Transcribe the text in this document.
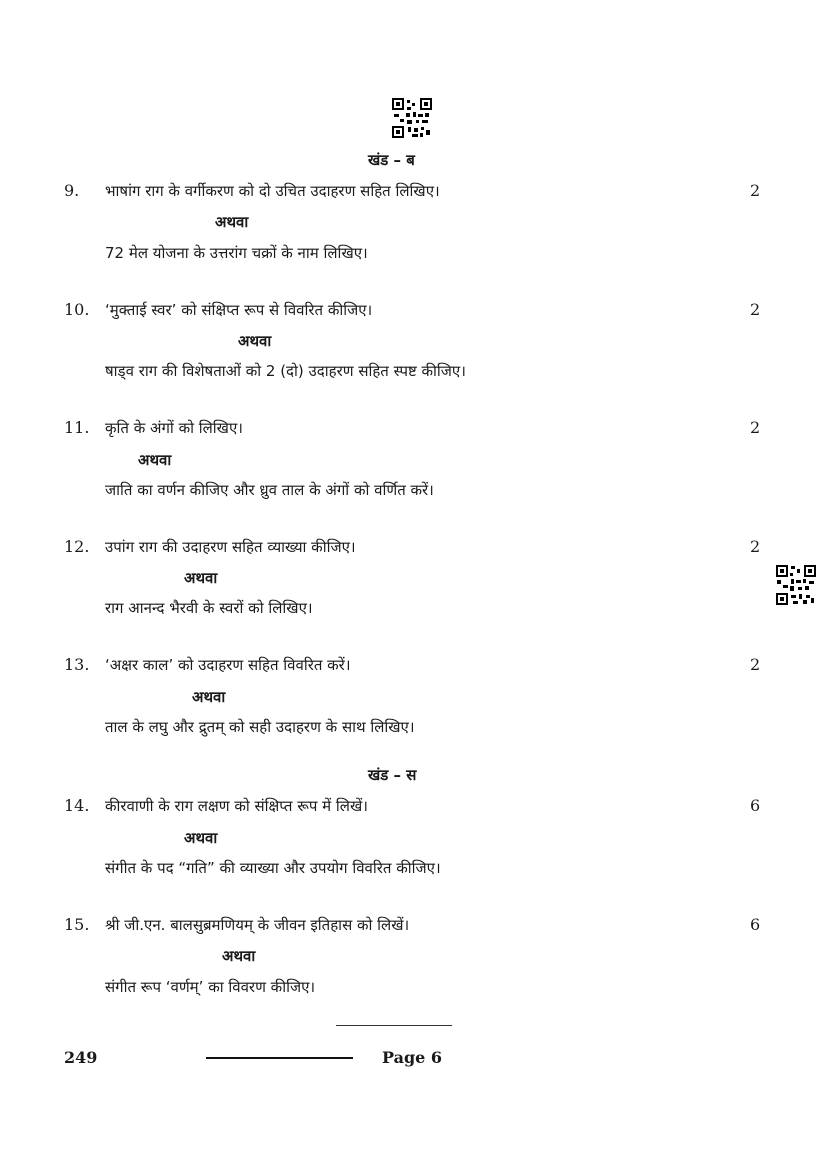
खंड – ब
9. भाषांग राग के वर्गीकरण को दो उचित उदाहरण सहित लिखिए।	2
अथवा
72 मेल योजना के उत्तरांग चक्रों के नाम लिखिए।
10. ‘मुक्ताई स्वर’ को संक्षिप्त रूप से विवरित कीजिए।	2
अथवा
षाड्व राग की विशेषताओं को 2 (दो) उदाहरण सहित स्पष्ट कीजिए।
11. कृति के अंगों को लिखिए।	2
अथवा
जाति का वर्णन कीजिए और ध्रुव ताल के अंगों को वर्णित करें।
12. उपांग राग की उदाहरण सहित व्याख्या कीजिए।	2
अथवा
राग आनन्द भैरवी के स्वरों को लिखिए।
13. ‘अक्षर काल’ को उदाहरण सहित विवरित करें।	2
अथवा
ताल के लघु और द्रुतम् को सही उदाहरण के साथ लिखिए।
खंड – स
14. कीरवाणी के राग लक्षण को संक्षिप्त रूप में लिखें।	6
अथवा
संगीत के पद “गति” की व्याख्या और उपयोग विवरित कीजिए।
15. श्री जी.एन. बालसुब्रमणियम् के जीवन इतिहास को लिखें।	6
अथवा
संगीत रूप ‘वर्णम्’ का विवरण कीजिए।
249	Page 6
